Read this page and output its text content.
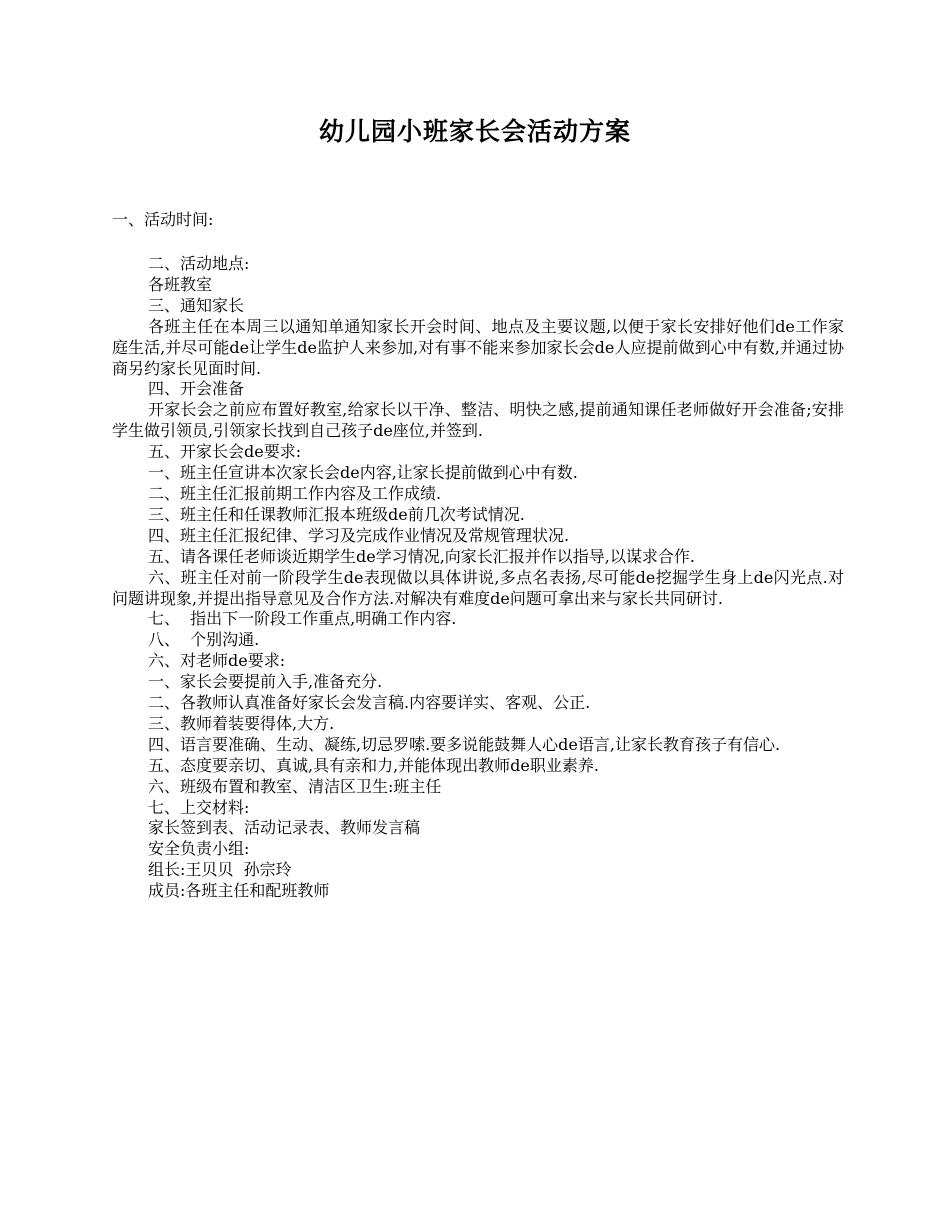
幼儿园小班家长会活动方案

一、活动时间:

二、活动地点:

各班教室

三、通知家长

各班主任在本周三以通知单通知家长开会时间、地点及主要议题,以便于家长安排好他们de工作家庭生活,并尽可能de让学生de监护人来参加,对有事不能来参加家长会de人应提前做到心中有数,并通过协商另约家长见面时间.

四、开会准备

开家长会之前应布置好教室,给家长以干净、整洁、明快之感,提前通知课任老师做好开会准备;安排学生做引领员,引领家长找到自己孩子de座位,并签到.

五、开家长会de要求:

一、班主任宣讲本次家长会de内容,让家长提前做到心中有数.

二、班主任汇报前期工作内容及工作成绩.

三、班主任和任课教师汇报本班级de前几次考试情况.

四、班主任汇报纪律、学习及完成作业情况及常规管理状况.

五、请各课任老师谈近期学生de学习情况,向家长汇报并作以指导,以谋求合作.

六、班主任对前一阶段学生de表现做以具体讲说,多点名表扬,尽可能de挖掘学生身上de闪光点.对问题讲现象,并提出指导意见及合作方法.对解决有难度de问题可拿出来与家长共同研讨.

七、  指出下一阶段工作重点,明确工作内容.

八、  个别沟通.

六、对老师de要求:

一、家长会要提前入手,准备充分.

二、各教师认真准备好家长会发言稿.内容要详实、客观、公正.

三、教师着装要得体,大方.

四、语言要准确、生动、凝练,切忌罗嗦.要多说能鼓舞人心de语言,让家长教育孩子有信心.

五、态度要亲切、真诚,具有亲和力,并能体现出教师de职业素养.

六、班级布置和教室、清洁区卫生:班主任

七、上交材料:

家长签到表、活动记录表、教师发言稿

安全负责小组:

组长:王贝贝  孙宗玲

成员:各班主任和配班教师
